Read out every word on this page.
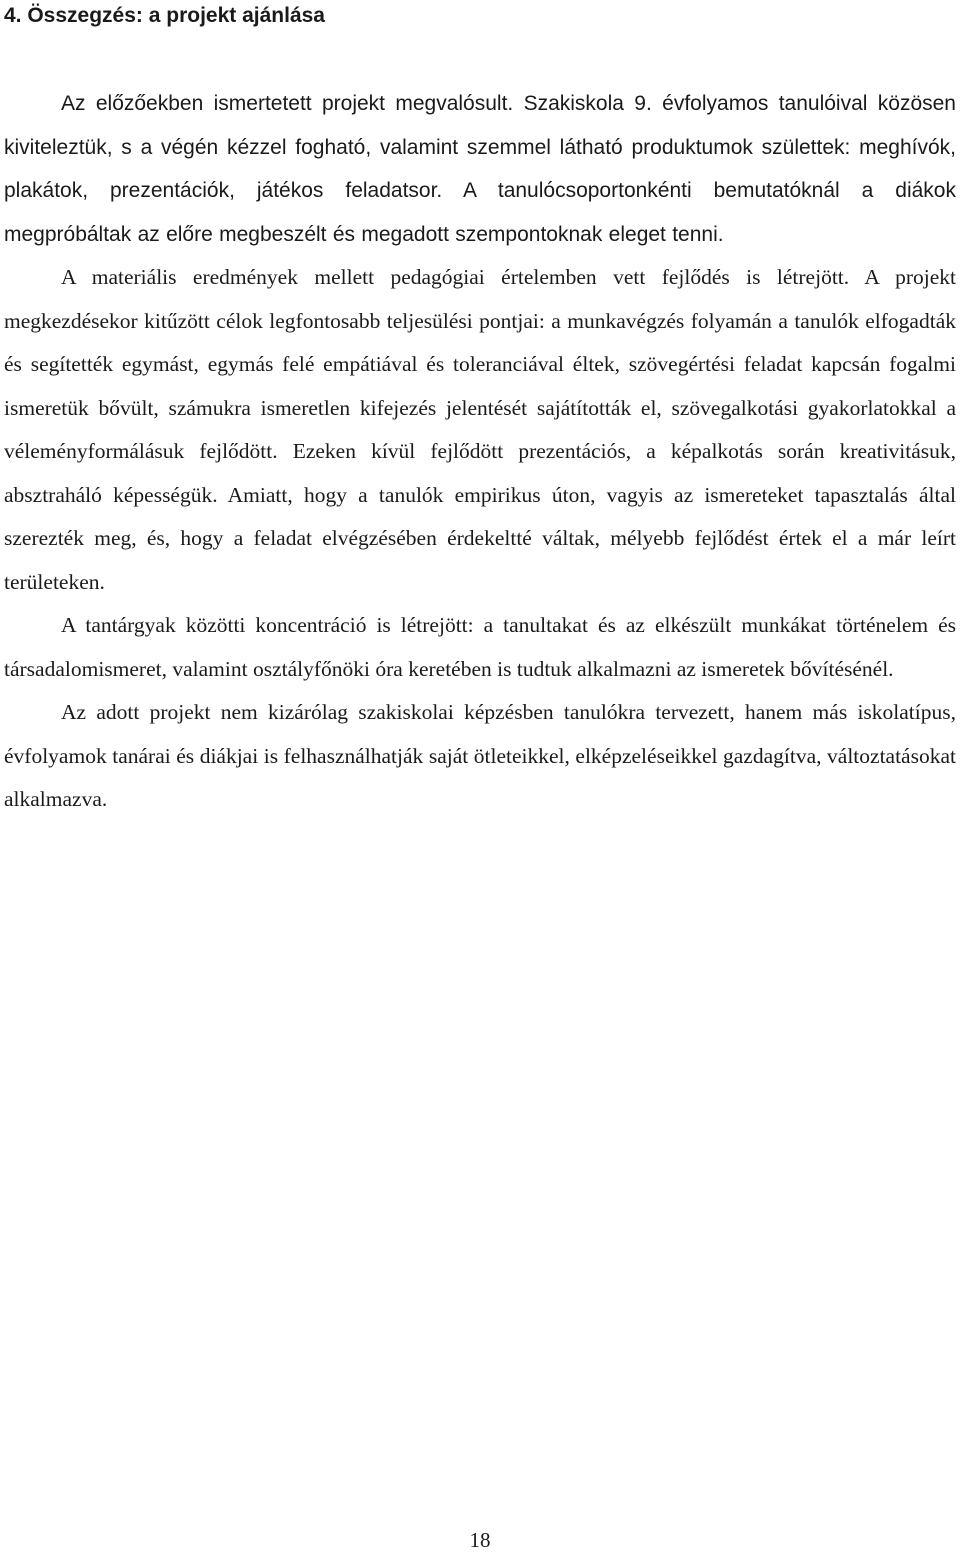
4. Összegzés: a projekt ajánlása

Az előzőekben ismertetett projekt megvalósult. Szakiskola 9. évfolyamos tanulóival közösen kiviteleztük, s a végén kézzel fogható, valamint szemmel látható produktumok születtek: meghívók, plakátok, prezentációk, játékos feladatsor. A tanulócsoportonkénti bemutatóknál a diákok megpróbáltak az előre megbeszélt és megadott szempontoknak eleget tenni.

A materiális eredmények mellett pedagógiai értelemben vett fejlődés is létrejött. A projekt megkezdésekor kitűzött célok legfontosabb teljesülési pontjai: a munkavégzés folyamán a tanulók elfogadták és segítették egymást, egymás felé empátiával és toleranciával éltek, szövegértési feladat kapcsán fogalmi ismeretük bővült, számukra ismeretlen kifejezés jelentését sajátították el, szövegalkotási gyakorlatokkal a véleményformálásuk fejlődött. Ezeken kívül fejlődött prezentációs, a képalkotás során kreativitásuk, absztraháló képességük. Amiatt, hogy a tanulók empirikus úton, vagyis az ismereteket tapasztalás által szerezték meg, és, hogy a feladat elvégzésében érdekeltté váltak, mélyebb fejlődést értek el a már leírt területeken.

A tantárgyak közötti koncentráció is létrejött: a tanultakat és az elkészült munkákat történelem és társadalomismeret, valamint osztályfőnöki óra keretében is tudtuk alkalmazni az ismeretek bővítésénél.

Az adott projekt nem kizárólag szakiskolai képzésben tanulókra tervezett, hanem más iskolatípus, évfolyamok tanárai és diákjai is felhasználhatják saját ötleteikkel, elképzeléseikkel gazdagítva, változtatásokat alkalmazva.

18
